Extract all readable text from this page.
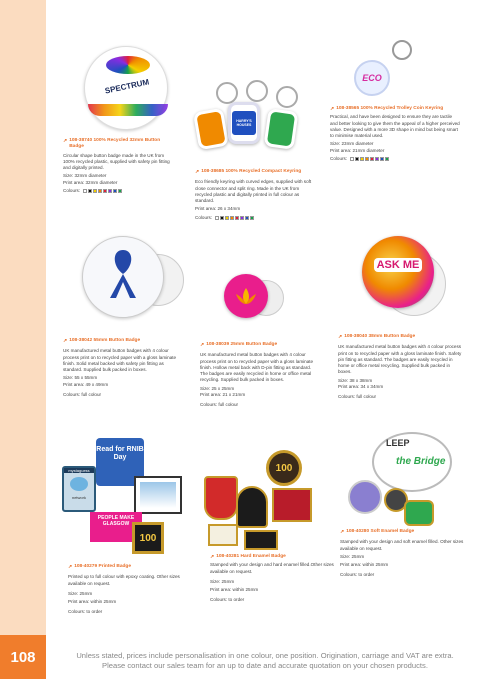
108	Unless stated, prices include personalisation in one colour, one position. Origination, carriage and VAT are extra.
Please contact our sales team for an up to date and accurate quotation on your chosen products.
SPECTRUM
↗ 108-38740 100% Recycled 32mm Button Badge

Circular shape button badge made in the UK from 100% recycled plastic, supplied with safety pin fitting and digitally printed.

Size: 32mm diameter
Print area: 32mm diameter

Colours:
HARRY'S HOUSES
↗ 108-38685 100% Recycled Compact Keyring

Eco friendly keyring with curved edges, supplied with soft close connector and split ring. Made in the UK from recycled plastic and digitally printed in full colour as standard.

Print area: 26 x 34mm

Colours:
ECO
↗ 108-38565 100% Recycled Trolley Coin Keyring

Practical, and have been designed to ensure they are tactile and better looking to give them the appeal of a higher perceived value. Designed with a more 3D shape in mind but being smart to minimise material used.

Size: 23mm diameter
Print area: 21mm diameter

Colours:
↗ 108-38042 55mm Button Badge

UK manufactured metal button badges with 4 colour process print on to recycled paper with a gloss laminate finish. Solid metal backed with safety pin fitting as standard. Supplied bulk packed in boxes.

Size: 55 x 55mm
Print area: 49 x 49mm

Colours: full colour

↗ 108-38039 25mm Button Badge

UK manufactured metal button badges with 4 colour process print on to recycled paper with a gloss laminate finish. Hollow metal back with D-pin fitting as standard. The badges are easily recycled in home or office metal recycling. Supplied bulk packed in boxes.

Size: 25 x 25mm
Print area: 21 x 21mm

Colours: full colour

ASK ME
↗ 108-38040 38mm Button Badge

UK manufactured metal button badges with 4 colour process print on to recycled paper with a gloss laminate finish. Safety pin fitting as standard. The badges are easily recycled in home or office metal recycling. Supplied bulk packed in boxes.

Size: 38 x 38mm
Print area: 34 x 34mm

Colours: full colour

Read for RNIB Day
mystaguess
network
PEOPLE MAKE GLASGOW
100
↗ 108-40279 Printed Badge

Printed up to full colour with epoxy coating. Other sizes available on request.

Size: 25mm

Print area: within 25mm

Colours: to order

100
↗ 108-40281 Hard Enamel Badge

Stamped with your design and hard enamel filled.Other sizes available on request.

Size: 25mm

Print area: within 25mm

Colours: to order

LEEP
the Bridge
↗ 108-40280 Soft Enamel Badge

Stamped with your design and soft enamel filled. Other sizes available on request.

Size: 25mm

Print area: within 25mm

Colours: to order
